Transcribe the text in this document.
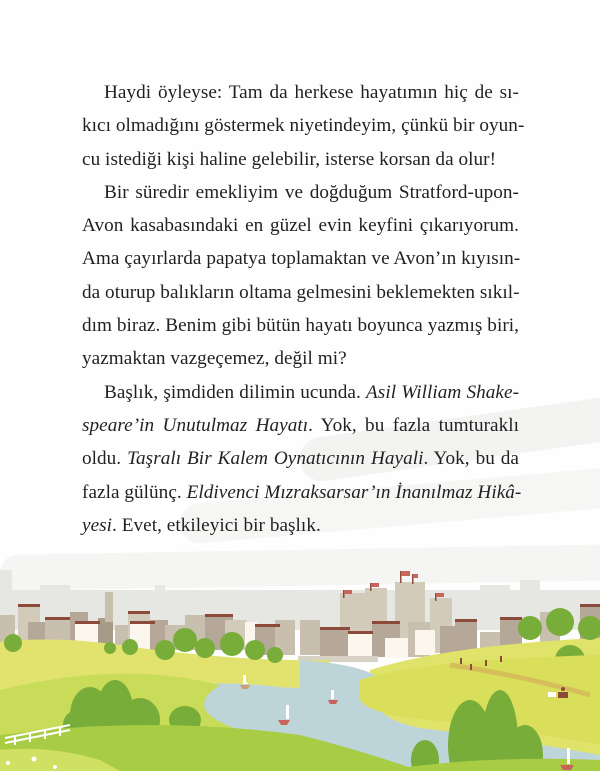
Haydi öyleyse: Tam da herkese hayatımın hiç de sı-
kıcı olmadığını göstermek niyetindeyim, çünkü bir oyun-
cu istediği kişi haline gelebilir, isterse korsan da olur!
Bir süredir emekliyim ve doğduğum Stratford-upon-
Avon kasabasındaki en güzel evin keyfini çıkarıyorum.
Ama çayırlarda papatya toplamaktan ve Avon’ın kıyısın-
da oturup balıkların oltama gelmesini beklemekten sıkıl-
dım biraz. Benim gibi bütün hayatı boyunca yazmış biri,
yazmaktan vazgeçemez, değil mi?
Başlık, şimdiden dilimin ucunda. Asil William Shake-
speare’in Unutulmaz Hayatı. Yok, bu fazla tumturaklı
oldu. Taşralı Bir Kalem Oynatıcının Hayali. Yok, bu da
fazla gülünç. Eldivenci Mızraksarsar’ın İnanılmaz Hikâ-
yesi. Evet, etkileyici bir başlık.
